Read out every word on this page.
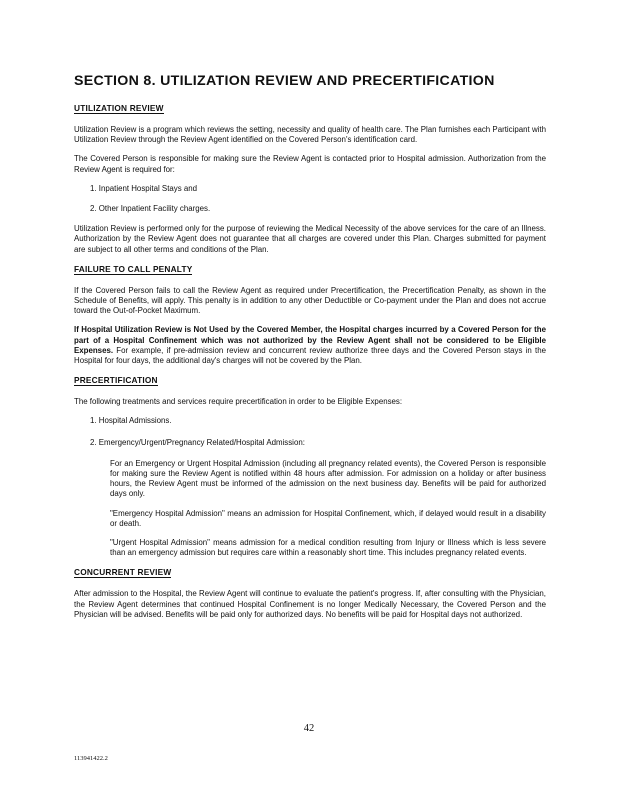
SECTION 8. UTILIZATION REVIEW AND PRECERTIFICATION
UTILIZATION REVIEW

Utilization Review is a program which reviews the setting, necessity and quality of health care. The Plan furnishes each Participant with Utilization Review through the Review Agent identified on the Covered Person's identification card.

The Covered Person is responsible for making sure the Review Agent is contacted prior to Hospital admission. Authorization from the Review Agent is required for:

1. Inpatient Hospital Stays and
2. Other Inpatient Facility charges.

Utilization Review is performed only for the purpose of reviewing the Medical Necessity of the above services for the care of an Illness. Authorization by the Review Agent does not guarantee that all charges are covered under this Plan. Charges submitted for payment are subject to all other terms and conditions of the Plan.

FAILURE TO CALL PENALTY

If the Covered Person fails to call the Review Agent as required under Precertification, the Precertification Penalty, as shown in the Schedule of Benefits, will apply. This penalty is in addition to any other Deductible or Co-payment under the Plan and does not accrue toward the Out-of-Pocket Maximum.

If Hospital Utilization Review is Not Used by the Covered Member, the Hospital charges incurred by a Covered Person for the part of a Hospital Confinement which was not authorized by the Review Agent shall not be considered to be Eligible Expenses. For example, if pre-admission review and concurrent review authorize three days and the Covered Person stays in the Hospital for four days, the additional day's charges will not be covered by the Plan.

PRECERTIFICATION

The following treatments and services require precertification in order to be Eligible Expenses:

1. Hospital Admissions.
2. Emergency/Urgent/Pregnancy Related/Hospital Admission:

For an Emergency or Urgent Hospital Admission (including all pregnancy related events), the Covered Person is responsible for making sure the Review Agent is notified within 48 hours after admission. For admission on a holiday or after business hours, the Review Agent must be informed of the admission on the next business day. Benefits will be paid for authorized days only.

"Emergency Hospital Admission" means an admission for Hospital Confinement, which, if delayed would result in a disability or death.

"Urgent Hospital Admission" means admission for a medical condition resulting from Injury or Illness which is less severe than an emergency admission but requires care within a reasonably short time. This includes pregnancy related events.

CONCURRENT REVIEW

After admission to the Hospital, the Review Agent will continue to evaluate the patient's progress. If, after consulting with the Physician, the Review Agent determines that continued Hospital Confinement is no longer Medically Necessary, the Covered Person and the Physician will be advised. Benefits will be paid only for authorized days. No benefits will be paid for Hospital days not authorized.

42
113941422.2
